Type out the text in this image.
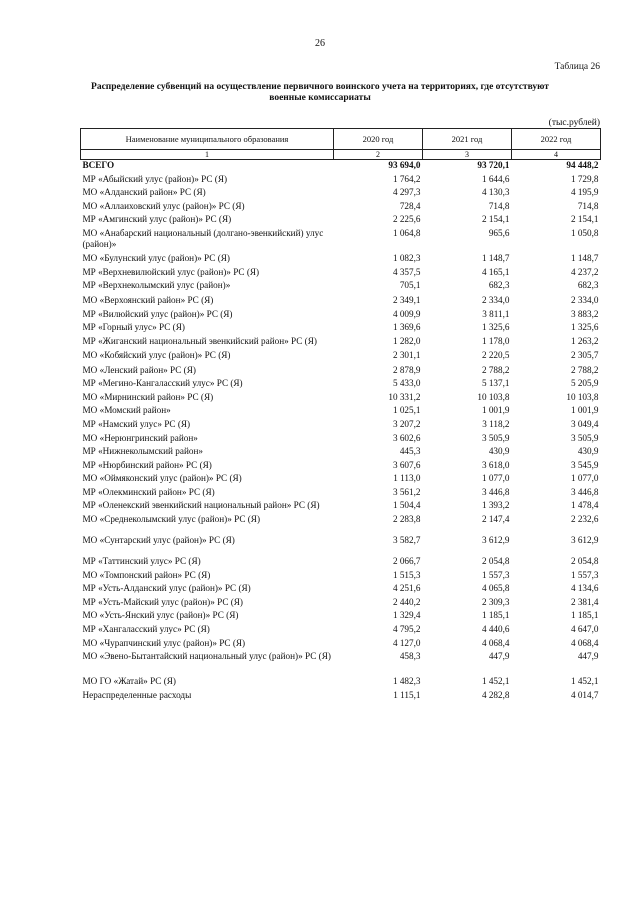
26
Таблица 26
Распределение субвенций на осуществление первичного воинского учета на территориях, где отсутствуют военные комиссариаты
(тыс.рублей)
Наименование муниципального образования	2020 год	2021 год	2022 год
1	2	3	4
ВСЕГО	93 694,0	93 720,1	94 448,2
МР «Абыйский улус (район)» РС (Я)	1 764,2	1 644,6	1 729,8
МО «Алданский район» РС (Я)	4 297,3	4 130,3	4 195,9
МО «Аллаиховский улус (район)» РС (Я)	728,4	714,8	714,8
МР «Амгинский улус (район)» РС (Я)	2 225,6	2 154,1	2 154,1
МО «Анабарский национальный (долгано-эвенкийский) улус (район)»	1 064,8	965,6	1 050,8
МО «Булунский улус (район)» РС (Я)	1 082,3	1 148,7	1 148,7
МР «Верхневилюйский улус (район)» РС (Я)	4 357,5	4 165,1	4 237,2
МР «Верхнеколымский улус (район)»	705,1	682,3	682,3
МО «Верхоянский район» РС (Я)	2 349,1	2 334,0	2 334,0
МР «Вилюйский улус (район)» РС (Я)	4 009,9	3 811,1	3 883,2
МР «Горный улус» РС (Я)	1 369,6	1 325,6	1 325,6
МР «Жиганский национальный эвенкийский район» РС (Я)	1 282,0	1 178,0	1 263,2
МО «Кобяйский улус (район)» РС (Я)	2 301,1	2 220,5	2 305,7
МО «Ленский район» РС (Я)	2 878,9	2 788,2	2 788,2
МР «Мегино-Кангаласский улус» РС (Я)	5 433,0	5 137,1	5 205,9
МО «Мирнинский район» РС (Я)	10 331,2	10 103,8	10 103,8
МО «Момский район»	1 025,1	1 001,9	1 001,9
МР «Намский улус» РС (Я)	3 207,2	3 118,2	3 049,4
МО «Нерюнгринский район»	3 602,6	3 505,9	3 505,9
МР «Нижнеколымский район»	445,3	430,9	430,9
МР «Нюрбинский район» РС (Я)	3 607,6	3 618,0	3 545,9
МО «Оймяконский улус (район)» РС (Я)	1 113,0	1 077,0	1 077,0
МР «Олекминский район» РС (Я)	3 561,2	3 446,8	3 446,8
МР «Оленекский эвенкийский национальный район» РС (Я)	1 504,4	1 393,2	1 478,4
МО «Среднеколымский улус (район)» РС (Я)	2 283,8	2 147,4	2 232,6
МО «Сунтарский улус (район)» РС (Я)	3 582,7	3 612,9	3 612,9
МР «Таттинский улус» РС (Я)	2 066,7	2 054,8	2 054,8
МО «Томпонский район» РС (Я)	1 515,3	1 557,3	1 557,3
МР «Усть-Алданский улус (район)» РС (Я)	4 251,6	4 065,8	4 134,6
МР «Усть-Майский улус (район)» РС (Я)	2 440,2	2 309,3	2 381,4
МО «Усть-Янский улус (район)» РС (Я)	1 329,4	1 185,1	1 185,1
МР «Хангаласский улус» РС (Я)	4 795,2	4 440,6	4 647,0
МО «Чурапчинский улус (район)» РС (Я)	4 127,0	4 068,4	4 068,4
МО «Эвено-Бытантайский национальный улус (район)» РС (Я)	458,3	447,9	447,9
МО ГО «Жатай» РС (Я)	1 482,3	1 452,1	1 452,1
Нераспределенные расходы	1 115,1	4 282,8	4 014,7
